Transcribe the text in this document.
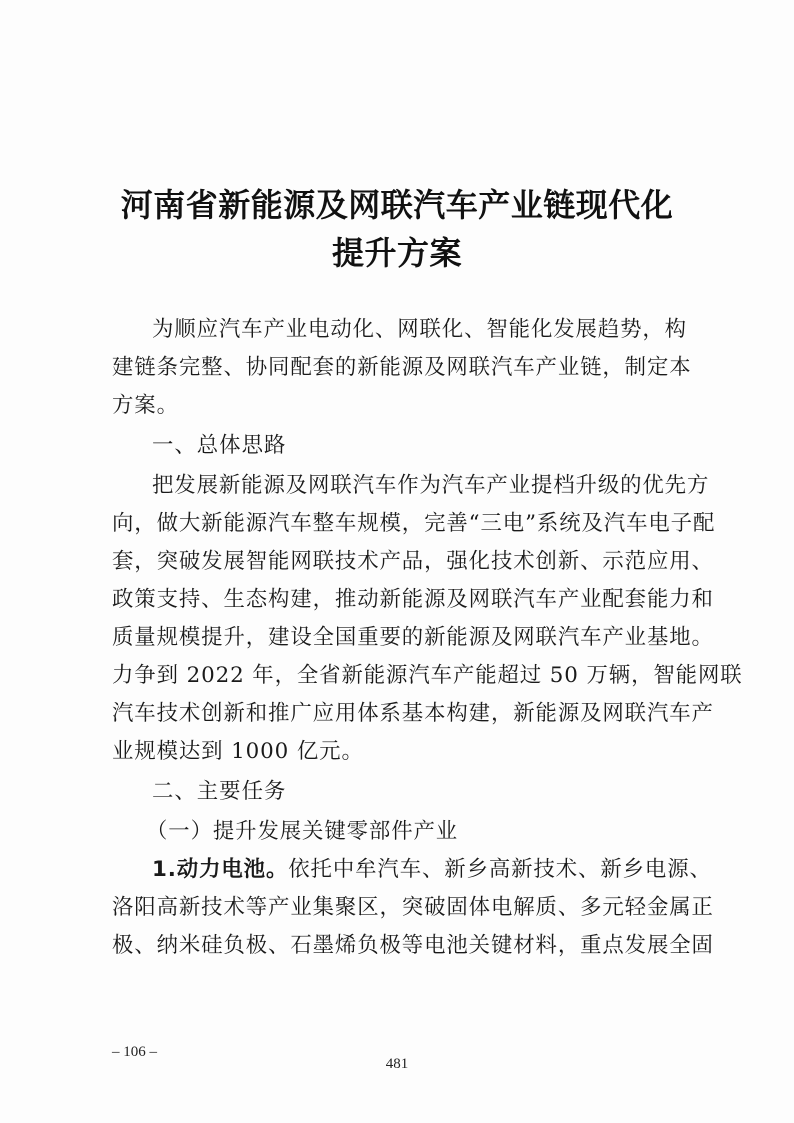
河南省新能源及网联汽车产业链现代化
提升方案
为顺应汽车产业电动化、网联化、智能化发展趋势，构
建链条完整、协同配套的新能源及网联汽车产业链，制定本
方案。
一、总体思路
把发展新能源及网联汽车作为汽车产业提档升级的优先方
向，做大新能源汽车整车规模，完善“三电”系统及汽车电子配
套，突破发展智能网联技术产品，强化技术创新、示范应用、
政策支持、生态构建，推动新能源及网联汽车产业配套能力和
质量规模提升，建设全国重要的新能源及网联汽车产业基地。
力争到 2022 年，全省新能源汽车产能超过 50 万辆，智能网联
汽车技术创新和推广应用体系基本构建，新能源及网联汽车产
业规模达到 1000 亿元。
二、主要任务
（一）提升发展关键零部件产业
1.动力电池。依托中牟汽车、新乡高新技术、新乡电源、
洛阳高新技术等产业集聚区，突破固体电解质、多元轻金属正
极、纳米硅负极、石墨烯负极等电池关键材料，重点发展全固
– 106 –
481
